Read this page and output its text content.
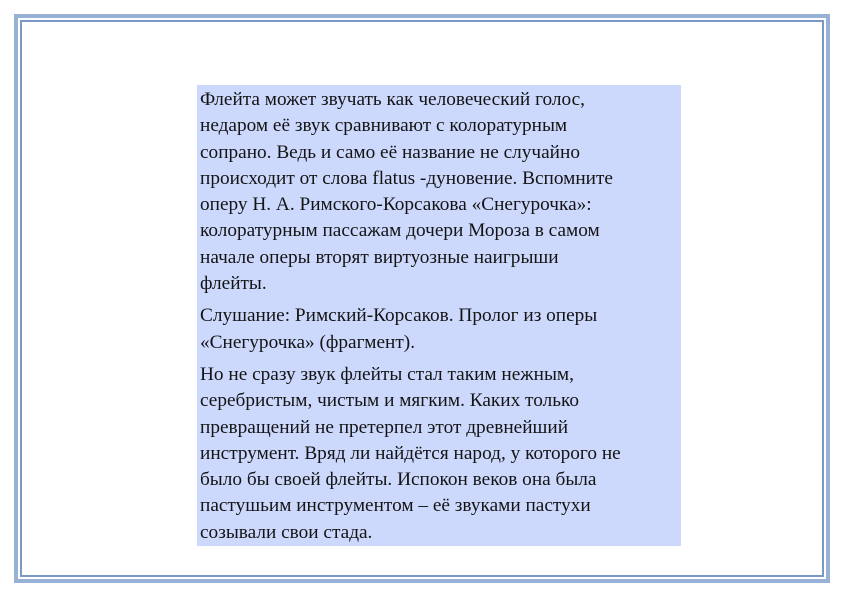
Флейта может звучать как человеческий голос,
недаром её звук сравнивают с колоратурным
сопрано. Ведь и само её название не случайно
происходит от слова flatus -дуновение. Вспомните
оперу Н. А. Римского-Корсакова «Снегурочка»:
колоратурным пассажам дочери Мороза в самом
начале оперы вторят виртуозные наигрыши
флейты.

Слушание: Римский-Корсаков. Пролог из оперы
«Снегурочка» (фрагмент).

Но не сразу звук флейты стал таким нежным,
серебристым, чистым и мягким. Каких только
превращений не претерпел этот древнейший
инструмент. Вряд ли найдётся народ, у которого не
было бы своей флейты. Испокон веков она была
пастушьим инструментом – её звуками пастухи
созывали свои стада.
